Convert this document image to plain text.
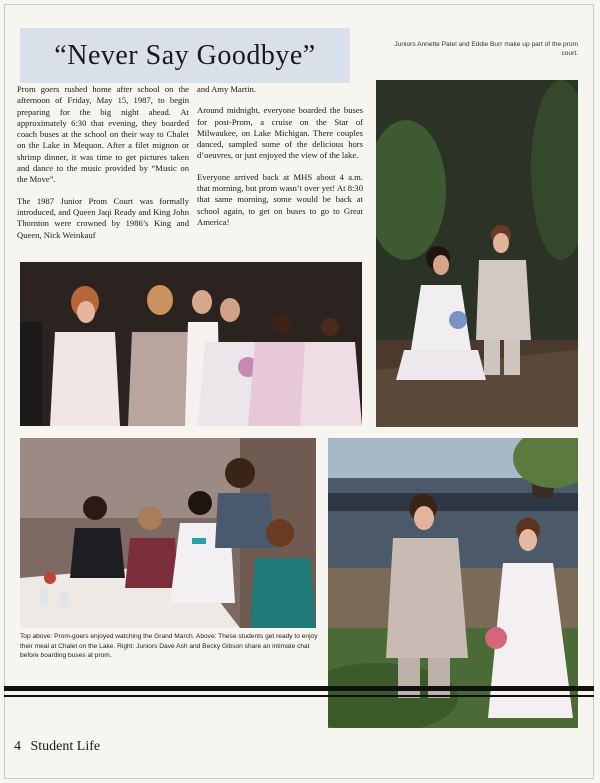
“Never Say Goodbye”	Juniors Annette Patel and Eddie Burr make up part of the prom court.

Prom goers rushed home after school on the afternoon of Friday, May 15, 1987, to begin preparing for the big night ahead. At approximately 6:30 that evening, they boarded coach buses at the school on their way to Chalet on the Lake in Mequon. After a filet mignon or shrimp dinner, it was time to get pictures taken and dance to the music provided by “Music on the Move”.

The 1987 Junior Prom Court was formally introduced, and Queen Jaqi Ready and King John Thornton were crowned by 1986’s King and Queen, Nick Weinkauf

and Amy Martin.

Around midnight, everyone boarded the buses for post-Prom, a cruise on the Star of Milwaukee, on Lake Michigan. There couples danced, sampled some of the delicious hors d’oeuvres, or just enjoyed the view of the lake.

Everyone arrived back at MHS about 4 a.m. that morning, but prom wasn’t over yet! At 8:30 that same morning, some would be back at school again, to get on buses to go to Great America!

Top above: Prom-goers enjoyed watching the Grand March. Above: These students get ready to enjoy their meal at Chalet on the Lake. Right: Juniors Dave Ash and Becky Gibson share an intimate chat before boarding buses at prom.
4 Student Life
